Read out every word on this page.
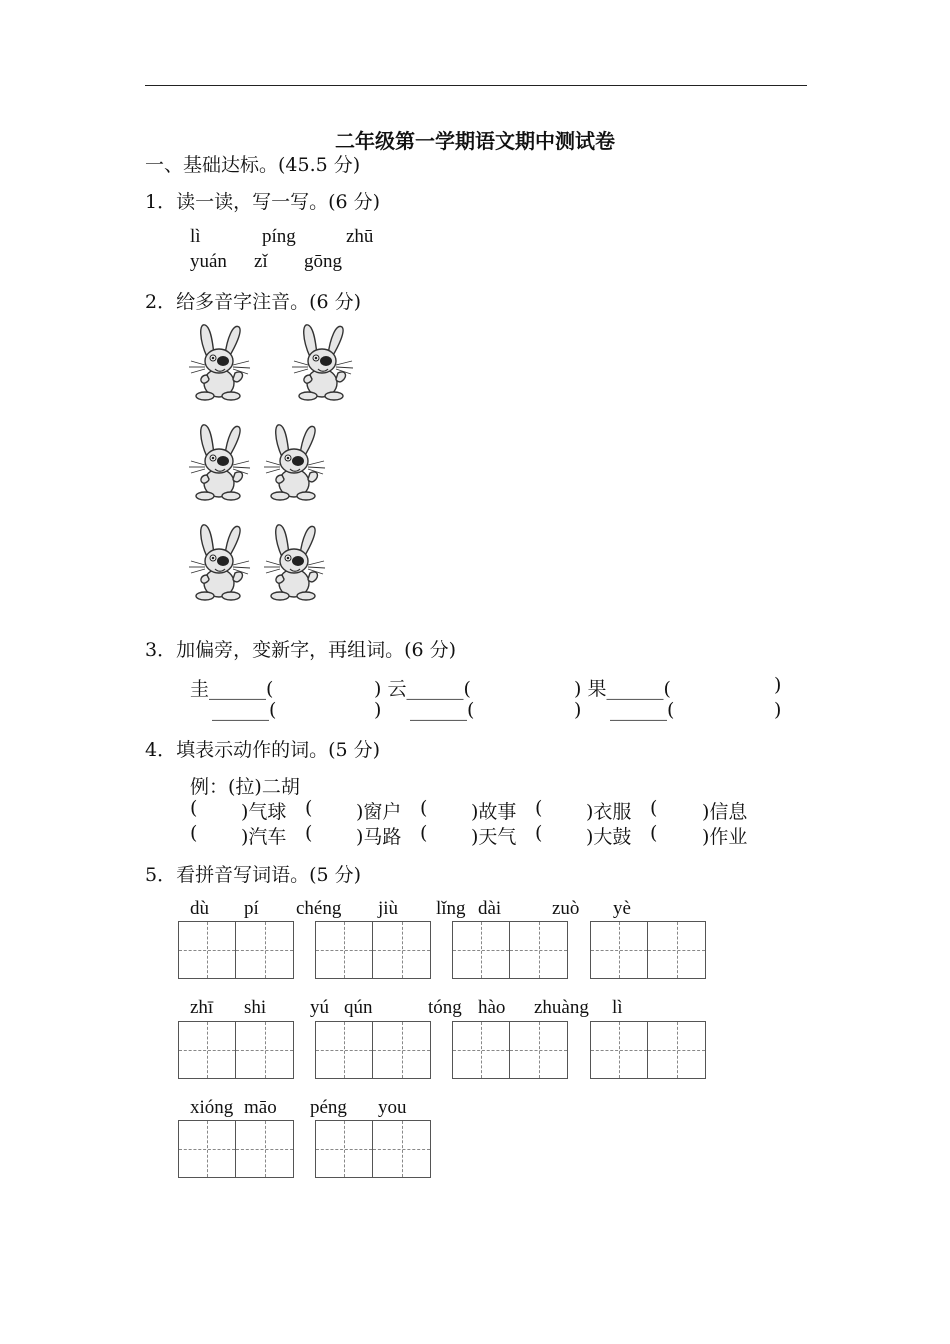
二年级第一学期语文期中测试卷
一、基础达标。(45.5 分)
1．读一读，写一写。(6 分)
lì	píng	zhū
yuán zǐ gōng
2．给多音字注音。(6 分)
3．加偏旁，变新字，再组词。(6 分)
圭______(	) 云______(	) 果______(	)
______(	) ______(	) ______(	)
4．填表示动作的词。(5 分)
例：(拉)二胡
( )气球 ( )窗户 ( )故事 ( )衣服 ( )信息
( )汽车 ( )马路 ( )天气 ( )大鼓 ( )作业
5．看拼音写词语。(5 分)
dù pí chéng jiù lǐng dài	zuò yè
zhī shi yú qún	tóng hào zhuàng lì
xióng māo péng you
